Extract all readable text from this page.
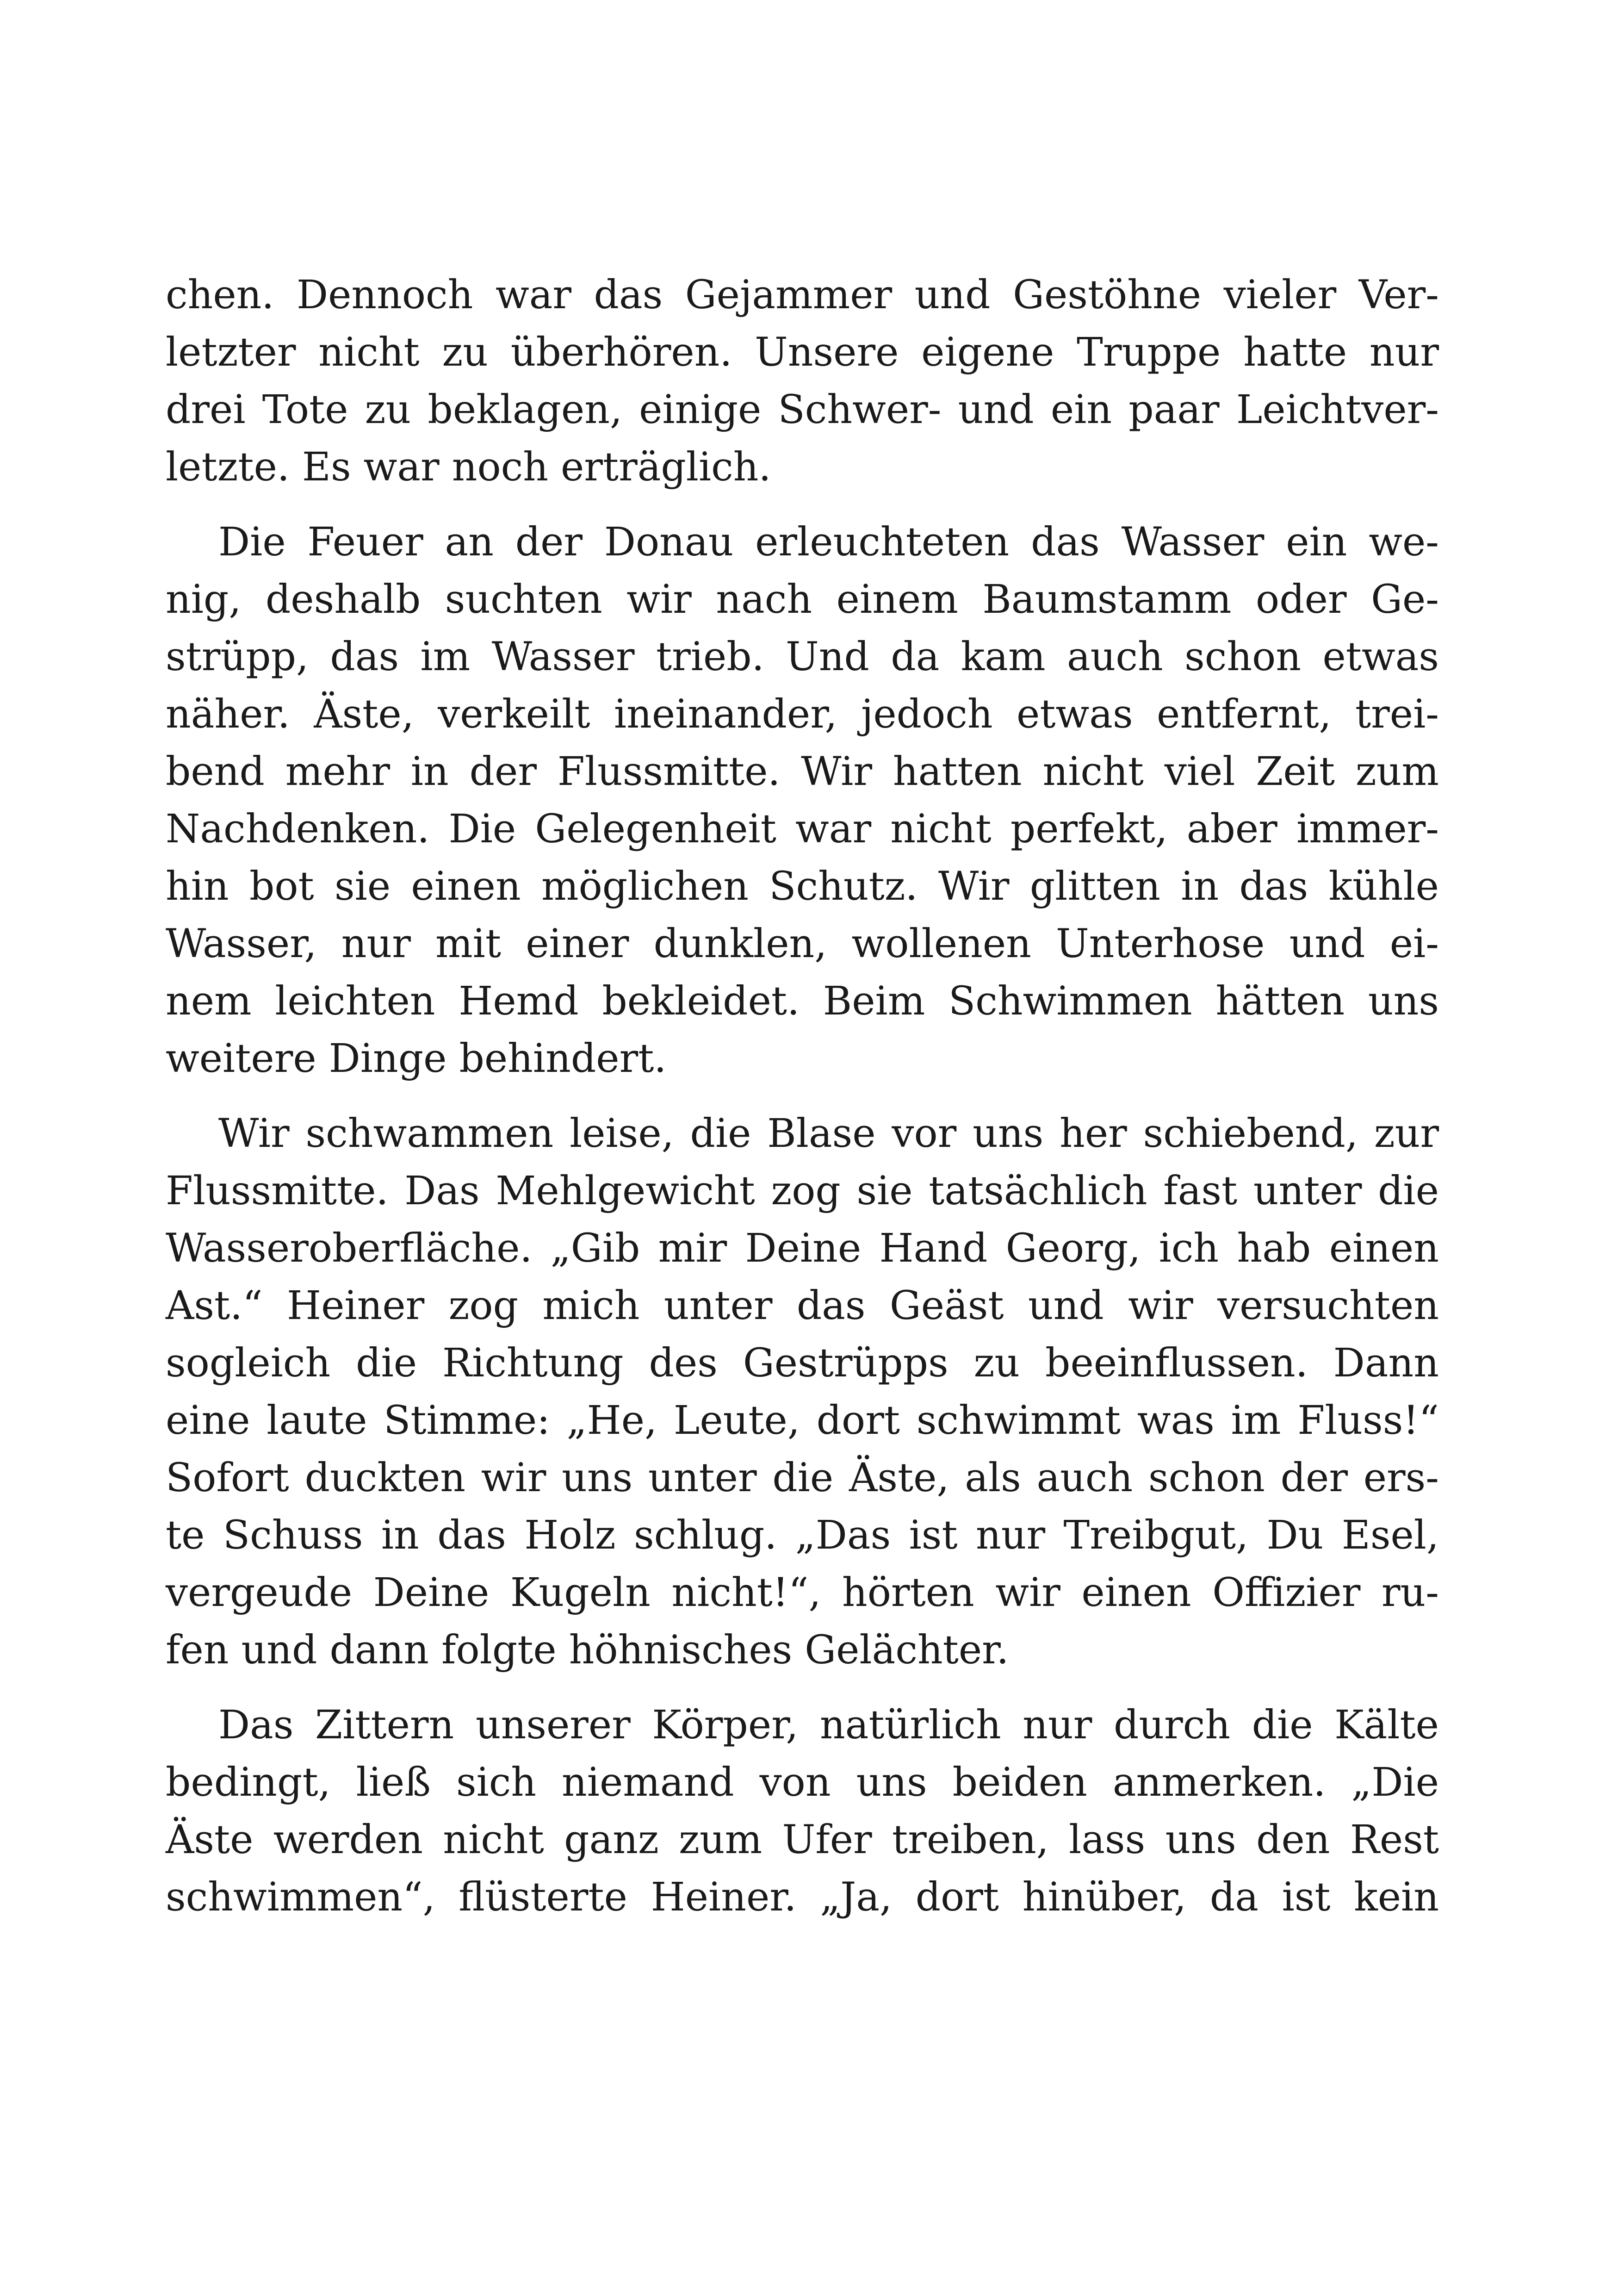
chen. Dennoch war das Gejammer und Gestöhne vieler Ver-
letzter nicht zu überhören. Unsere eigene Truppe hatte nur
drei Tote zu beklagen, einige Schwer- und ein paar Leichtver-
letzte. Es war noch erträglich.
Die Feuer an der Donau erleuchteten das Wasser ein we-
nig, deshalb suchten wir nach einem Baumstamm oder Ge-
strüpp, das im Wasser trieb. Und da kam auch schon etwas
näher. Äste, verkeilt ineinander, jedoch etwas entfernt, trei-
bend mehr in der Flussmitte. Wir hatten nicht viel Zeit zum
Nachdenken. Die Gelegenheit war nicht perfekt, aber immer-
hin bot sie einen möglichen Schutz. Wir glitten in das kühle
Wasser, nur mit einer dunklen, wollenen Unterhose und ei-
nem leichten Hemd bekleidet. Beim Schwimmen hätten uns
weitere Dinge behindert.
Wir schwammen leise, die Blase vor uns her schiebend, zur
Flussmitte. Das Mehlgewicht zog sie tatsächlich fast unter die
Wasseroberfläche. „Gib mir Deine Hand Georg, ich hab einen
Ast.“ Heiner zog mich unter das Geäst und wir versuchten
sogleich die Richtung des Gestrüpps zu beeinflussen. Dann
eine laute Stimme: „He, Leute, dort schwimmt was im Fluss!“
Sofort duckten wir uns unter die Äste, als auch schon der ers-
te Schuss in das Holz schlug. „Das ist nur Treibgut, Du Esel,
vergeude Deine Kugeln nicht!“, hörten wir einen Offizier ru-
fen und dann folgte höhnisches Gelächter.
Das Zittern unserer Körper, natürlich nur durch die Kälte
bedingt, ließ sich niemand von uns beiden anmerken. „Die
Äste werden nicht ganz zum Ufer treiben, lass uns den Rest
schwimmen“, flüsterte Heiner. „Ja, dort hinüber, da ist kein
